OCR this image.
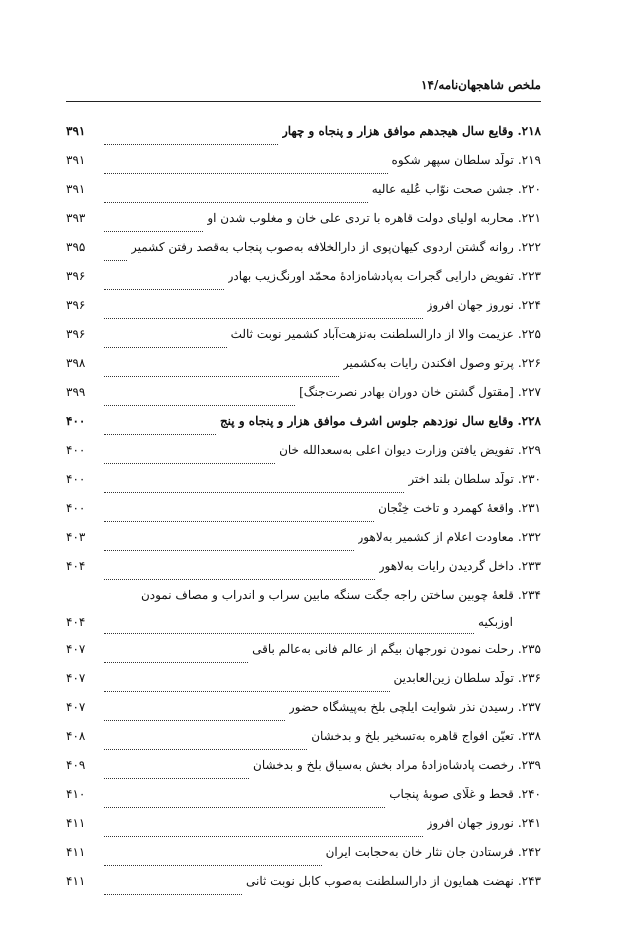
ملخص شاهجهان‌نامه/۱۴
۲۱۸.
وقایع سال هیجدهم موافق هزار و پنجاه و چهار
۳۹۱
۲۱۹.
تولّد سلطان سپهر شکوه
۳۹۱
۲۲۰.
جشن صحت نوّاب عُلیه عالیه
۳۹۱
۲۲۱.
محاربه اولیای دولت قاهره با تردی علی خان و مغلوب شدن او
۳۹۳
۲۲۲.
روانه گشتن اردوی کیهان‌پوی از دارالخلافه به‌صوب پنجاب به‌قصد رفتن کشمیر
۳۹۵
۲۲۳.
تفویض دارایی گجرات به‌پادشاه‌زادهٔ محمّد اورنگ‌زیب بهادر
۳۹۶
۲۲۴.
نوروز جهان افروز
۳۹۶
۲۲۵.
عزیمت والا از دارالسلطنت به‌نزهت‌آباد کشمیر نوبت ثالث
۳۹۶
۲۲۶.
پرتو وصول افکندن رایات به‌کشمیر
۳۹۸
۲۲۷.
[مقتول گشتن خان دوران بهادر نصرت‌جنگ]
۳۹۹
۲۲۸.
وقایع سال نوزدهم جلوس اشرف موافق هزار و پنجاه و پنج
۴۰۰
۲۲۹.
تفویض یافتن وزارت دیوان اعلی به‌سعدالله خان
۴۰۰
۲۳۰.
تولّد سلطان بلند اختر
۴۰۰
۲۳۱.
واقعهٔ کهمرد و تاخت خِنْجان
۴۰۰
۲۳۲.
معاودت اعلام از کشمیر به‌لاهور
۴۰۳
۲۳۳.
داخل گردیدن رایات به‌لاهور
۴۰۴
۲۳۴.
قلعهٔ چوبین ساختن راجه جگت سنگه مابین سراب و اندراب و مصاف نمودن
اوزبکیه
۴۰۴
۲۳۵.
رحلت نمودن نورجهان بیگم از عالم فانی به‌عالم باقی
۴۰۷
۲۳۶.
تولّد سلطان زین‌العابدین
۴۰۷
۲۳۷.
رسیدن نذر شوایت ایلچی بلخ به‌پیشگاه حضور
۴۰۷
۲۳۸.
تعیّن افواج قاهره به‌تسخیر بلخ و بدخشان
۴۰۸
۲۳۹.
رخصت پادشاه‌زادهٔ مراد بخش به‌سیاق بلخ و بدخشان
۴۰۹
۲۴۰.
قحط و غلّای صوبهٔ پنجاب
۴۱۰
۲۴۱.
نوروز جهان افروز
۴۱۱
۲۴۲.
فرستادن جان نثار خان به‌حجابت ایران
۴۱۱
۲۴۳.
نهضت همایون از دارالسلطنت به‌صوب کابل نوبت ثانی
۴۱۱
